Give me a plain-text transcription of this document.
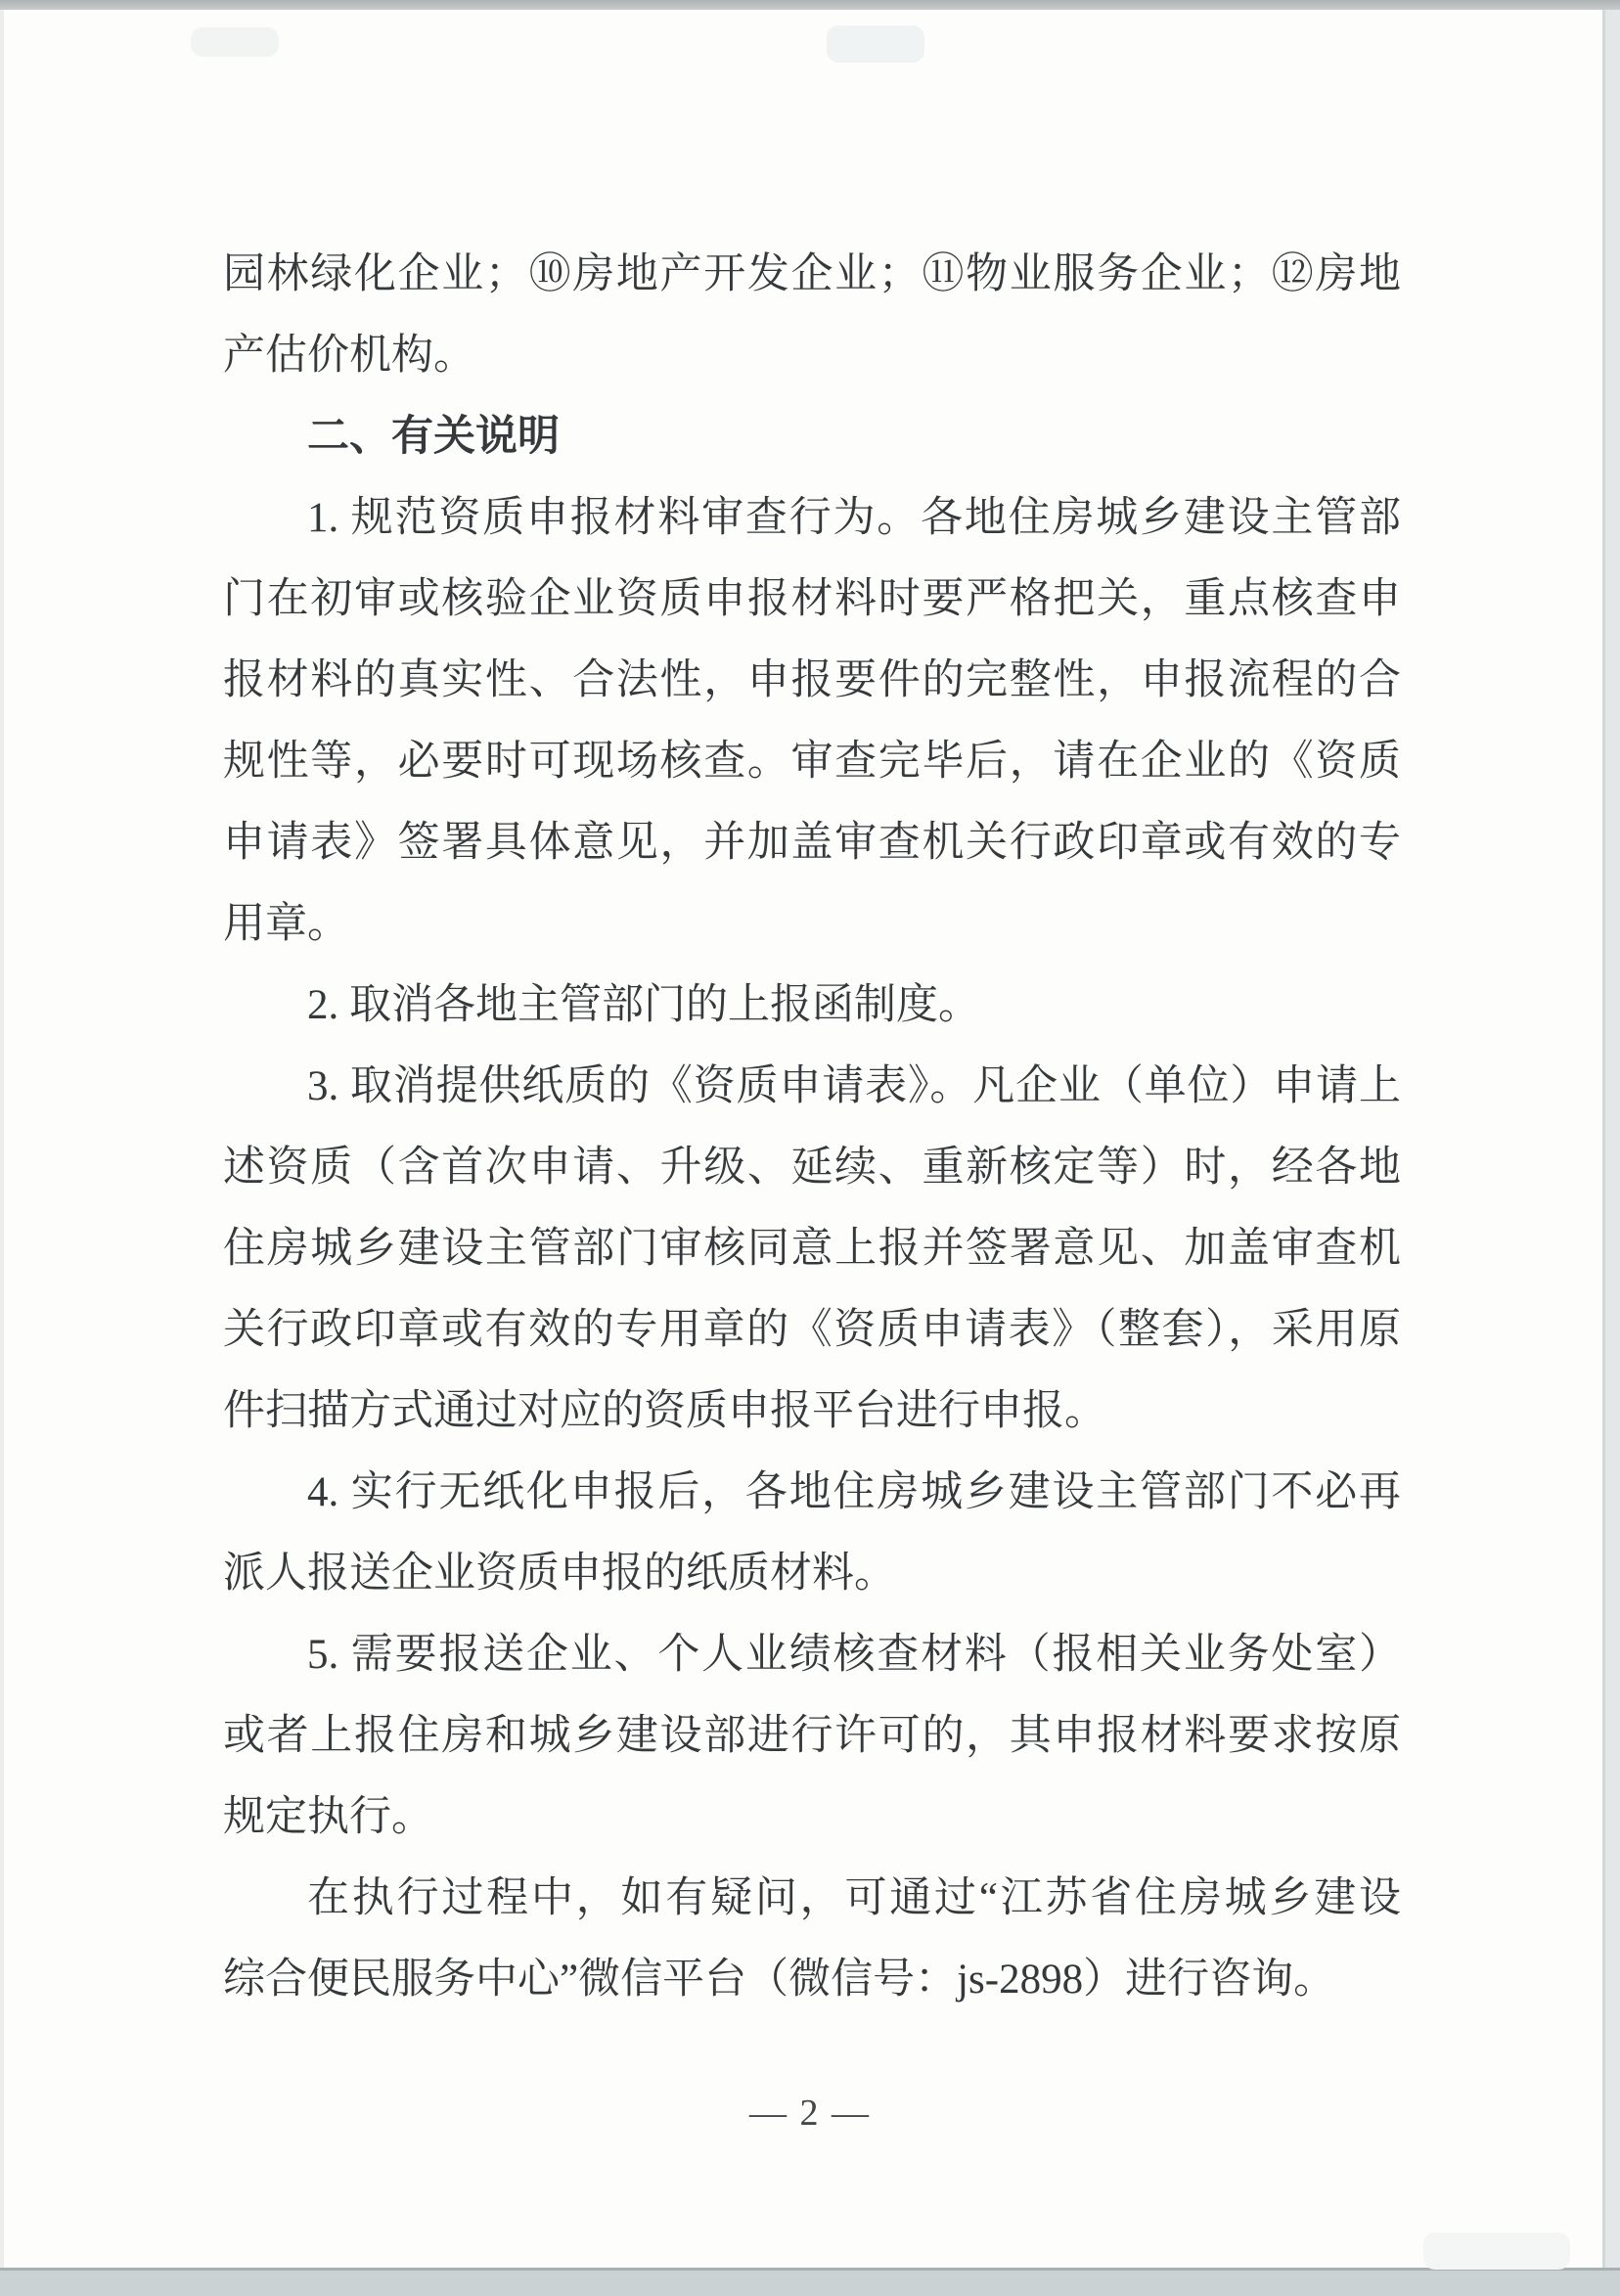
园林绿化企业；⑩房地产开发企业；⑪物业服务企业；⑫房地
产估价机构。
二、有关说明
1. 规范资质申报材料审查行为。各地住房城乡建设主管部
门在初审或核验企业资质申报材料时要严格把关，重点核查申
报材料的真实性、合法性，申报要件的完整性，申报流程的合
规性等，必要时可现场核查。审查完毕后，请在企业的《资质
申请表》签署具体意见，并加盖审查机关行政印章或有效的专
用章。
2. 取消各地主管部门的上报函制度。
3. 取消提供纸质的《资质申请表》。凡企业（单位）申请上
述资质（含首次申请、升级、延续、重新核定等）时，经各地
住房城乡建设主管部门审核同意上报并签署意见、加盖审查机
关行政印章或有效的专用章的《资质申请表》（整套），采用原
件扫描方式通过对应的资质申报平台进行申报。
4. 实行无纸化申报后，各地住房城乡建设主管部门不必再
派人报送企业资质申报的纸质材料。
5. 需要报送企业、个人业绩核查材料（报相关业务处室）
或者上报住房和城乡建设部进行许可的，其申报材料要求按原
规定执行。
在执行过程中，如有疑问，可通过“江苏省住房城乡建设
综合便民服务中心”微信平台（微信号：js-2898）进行咨询。
— 2 —
